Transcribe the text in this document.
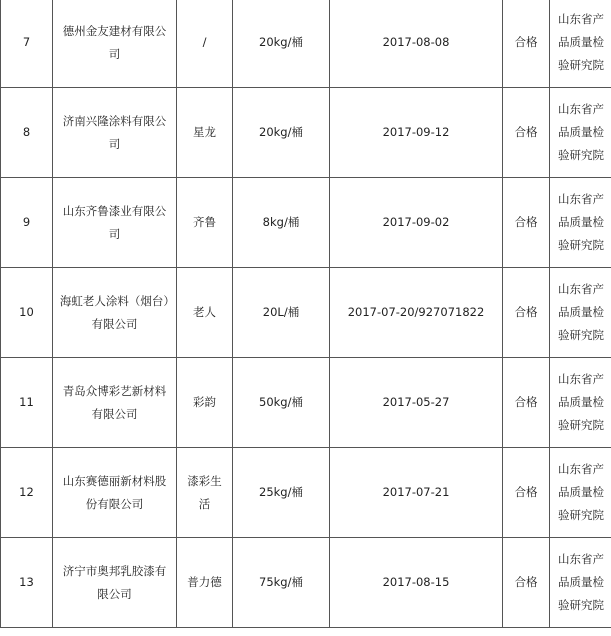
7	德州金友建材有限公司	/	20kg/桶	2017-08-08	合格	山东省产品质量检验研究院
8	济南兴隆涂料有限公司	星龙	20kg/桶	2017-09-12	合格	山东省产品质量检验研究院
9	山东齐鲁漆业有限公司	齐鲁	8kg/桶	2017-09-02	合格	山东省产品质量检验研究院
10	海虹老人涂料（烟台）有限公司	老人	20L/桶	2017-07-20/927071822	合格	山东省产品质量检验研究院
11	青岛众博彩艺新材料有限公司	彩韵	50kg/桶	2017-05-27	合格	山东省产品质量检验研究院
12	山东赛德丽新材料股份有限公司	漆彩生活	25kg/桶	2017-07-21	合格	山东省产品质量检验研究院
13	济宁市奥邦乳胶漆有限公司	普力德	75kg/桶	2017-08-15	合格	山东省产品质量检验研究院
